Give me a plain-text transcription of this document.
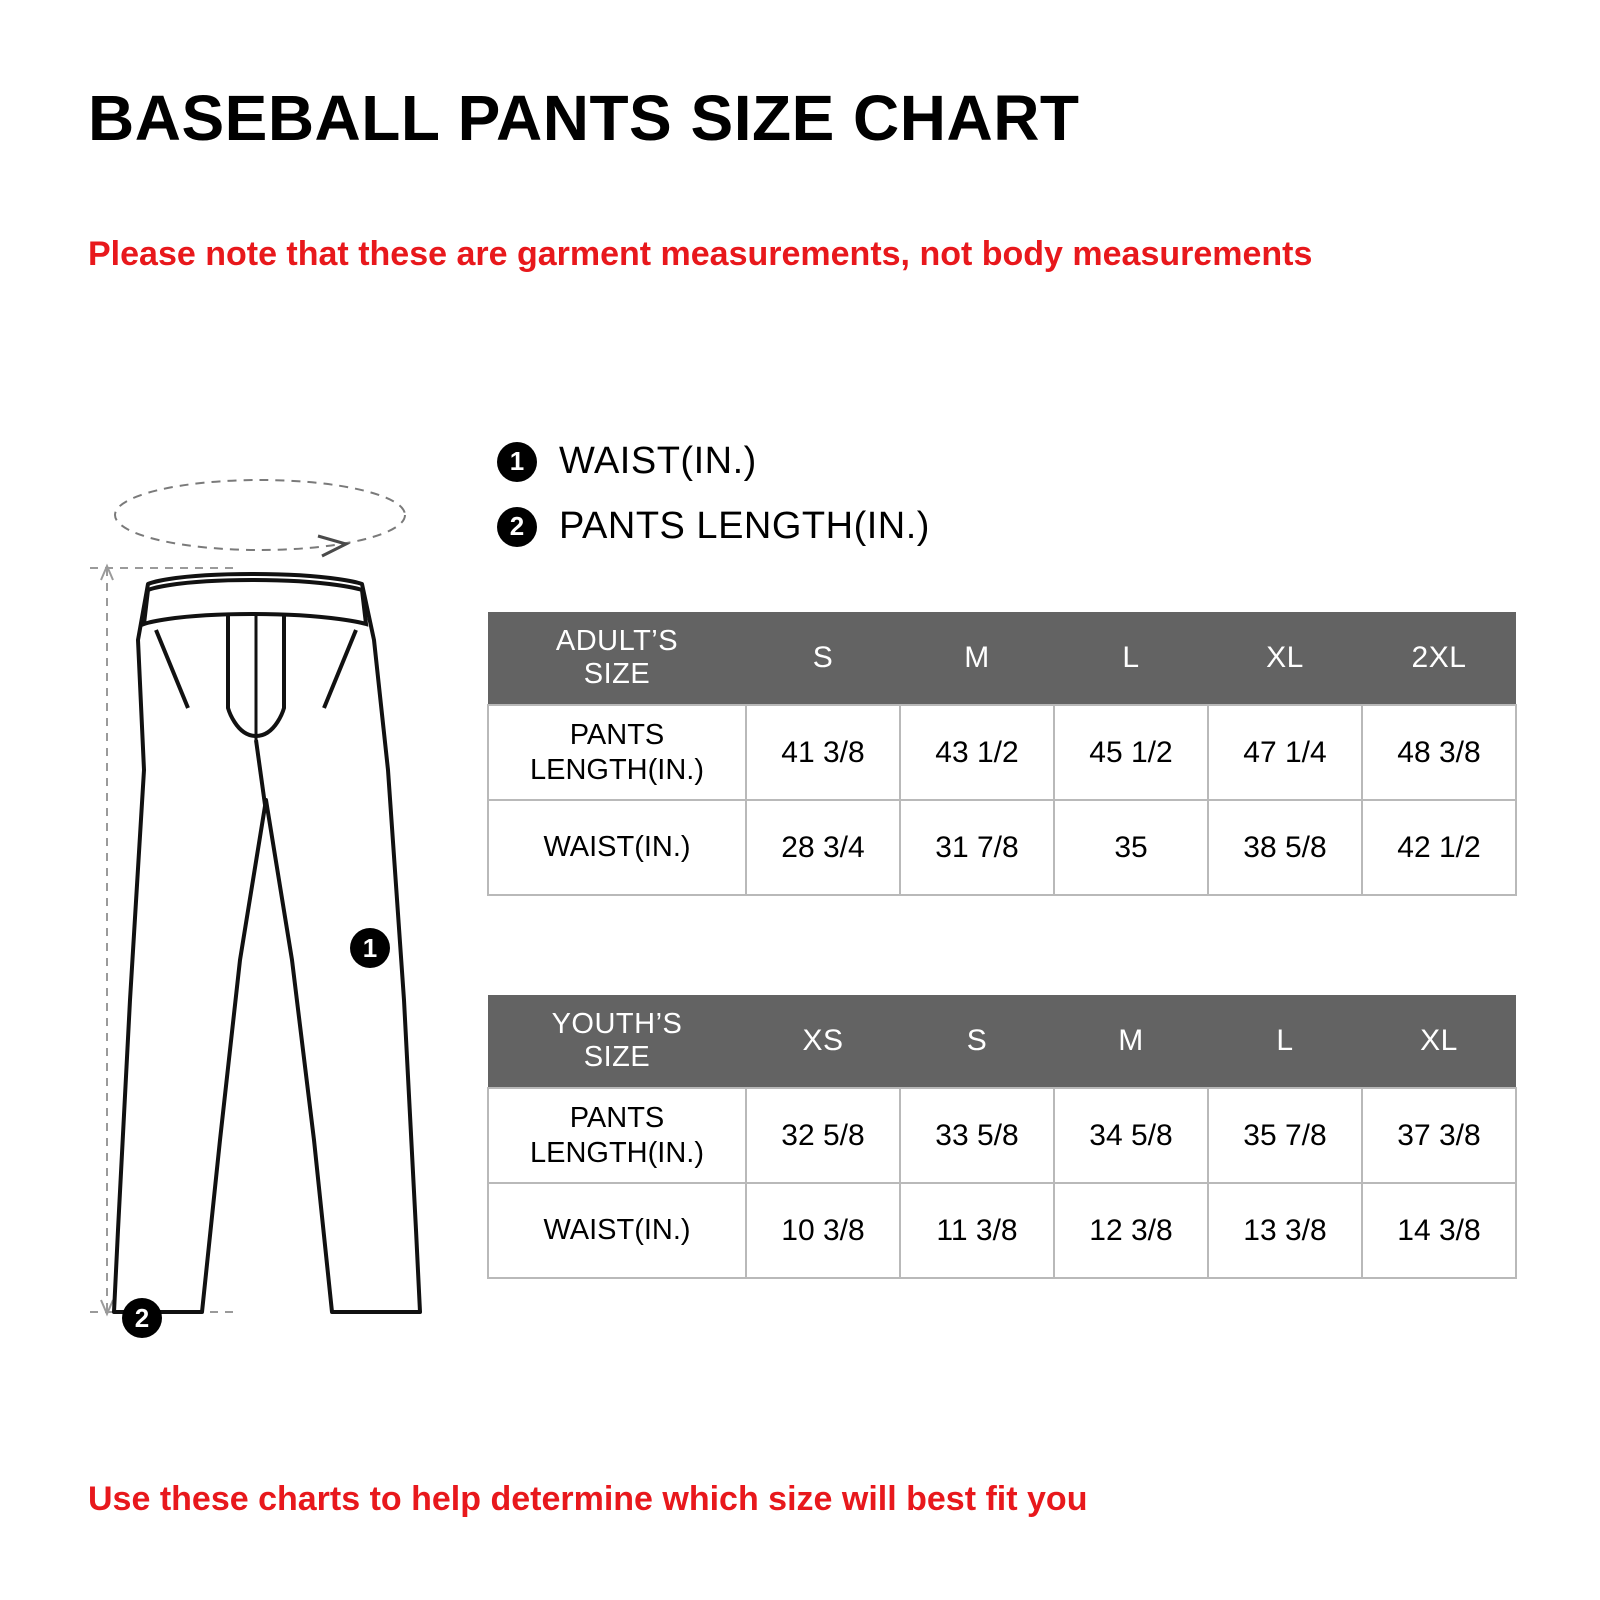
BASEBALL PANTS SIZE CHART
Please note that these are garment measurements, not body measurements
1 WAIST(IN.)
2 PANTS LENGTH(IN.)
1
2
ADULT’S
SIZE	S	M	L	XL	2XL
PANTS
LENGTH(IN.)	41 3/8	43 1/2	45 1/2	47 1/4	48 3/8
WAIST(IN.)	28 3/4	31 7/8	35	38 5/8	42 1/2
YOUTH’S
SIZE	XS	S	M	L	XL
PANTS
LENGTH(IN.)	32 5/8	33 5/8	34 5/8	35 7/8	37 3/8
WAIST(IN.)	10 3/8	11 3/8	12 3/8	13 3/8	14 3/8
Use these charts to help determine which size will best fit you
